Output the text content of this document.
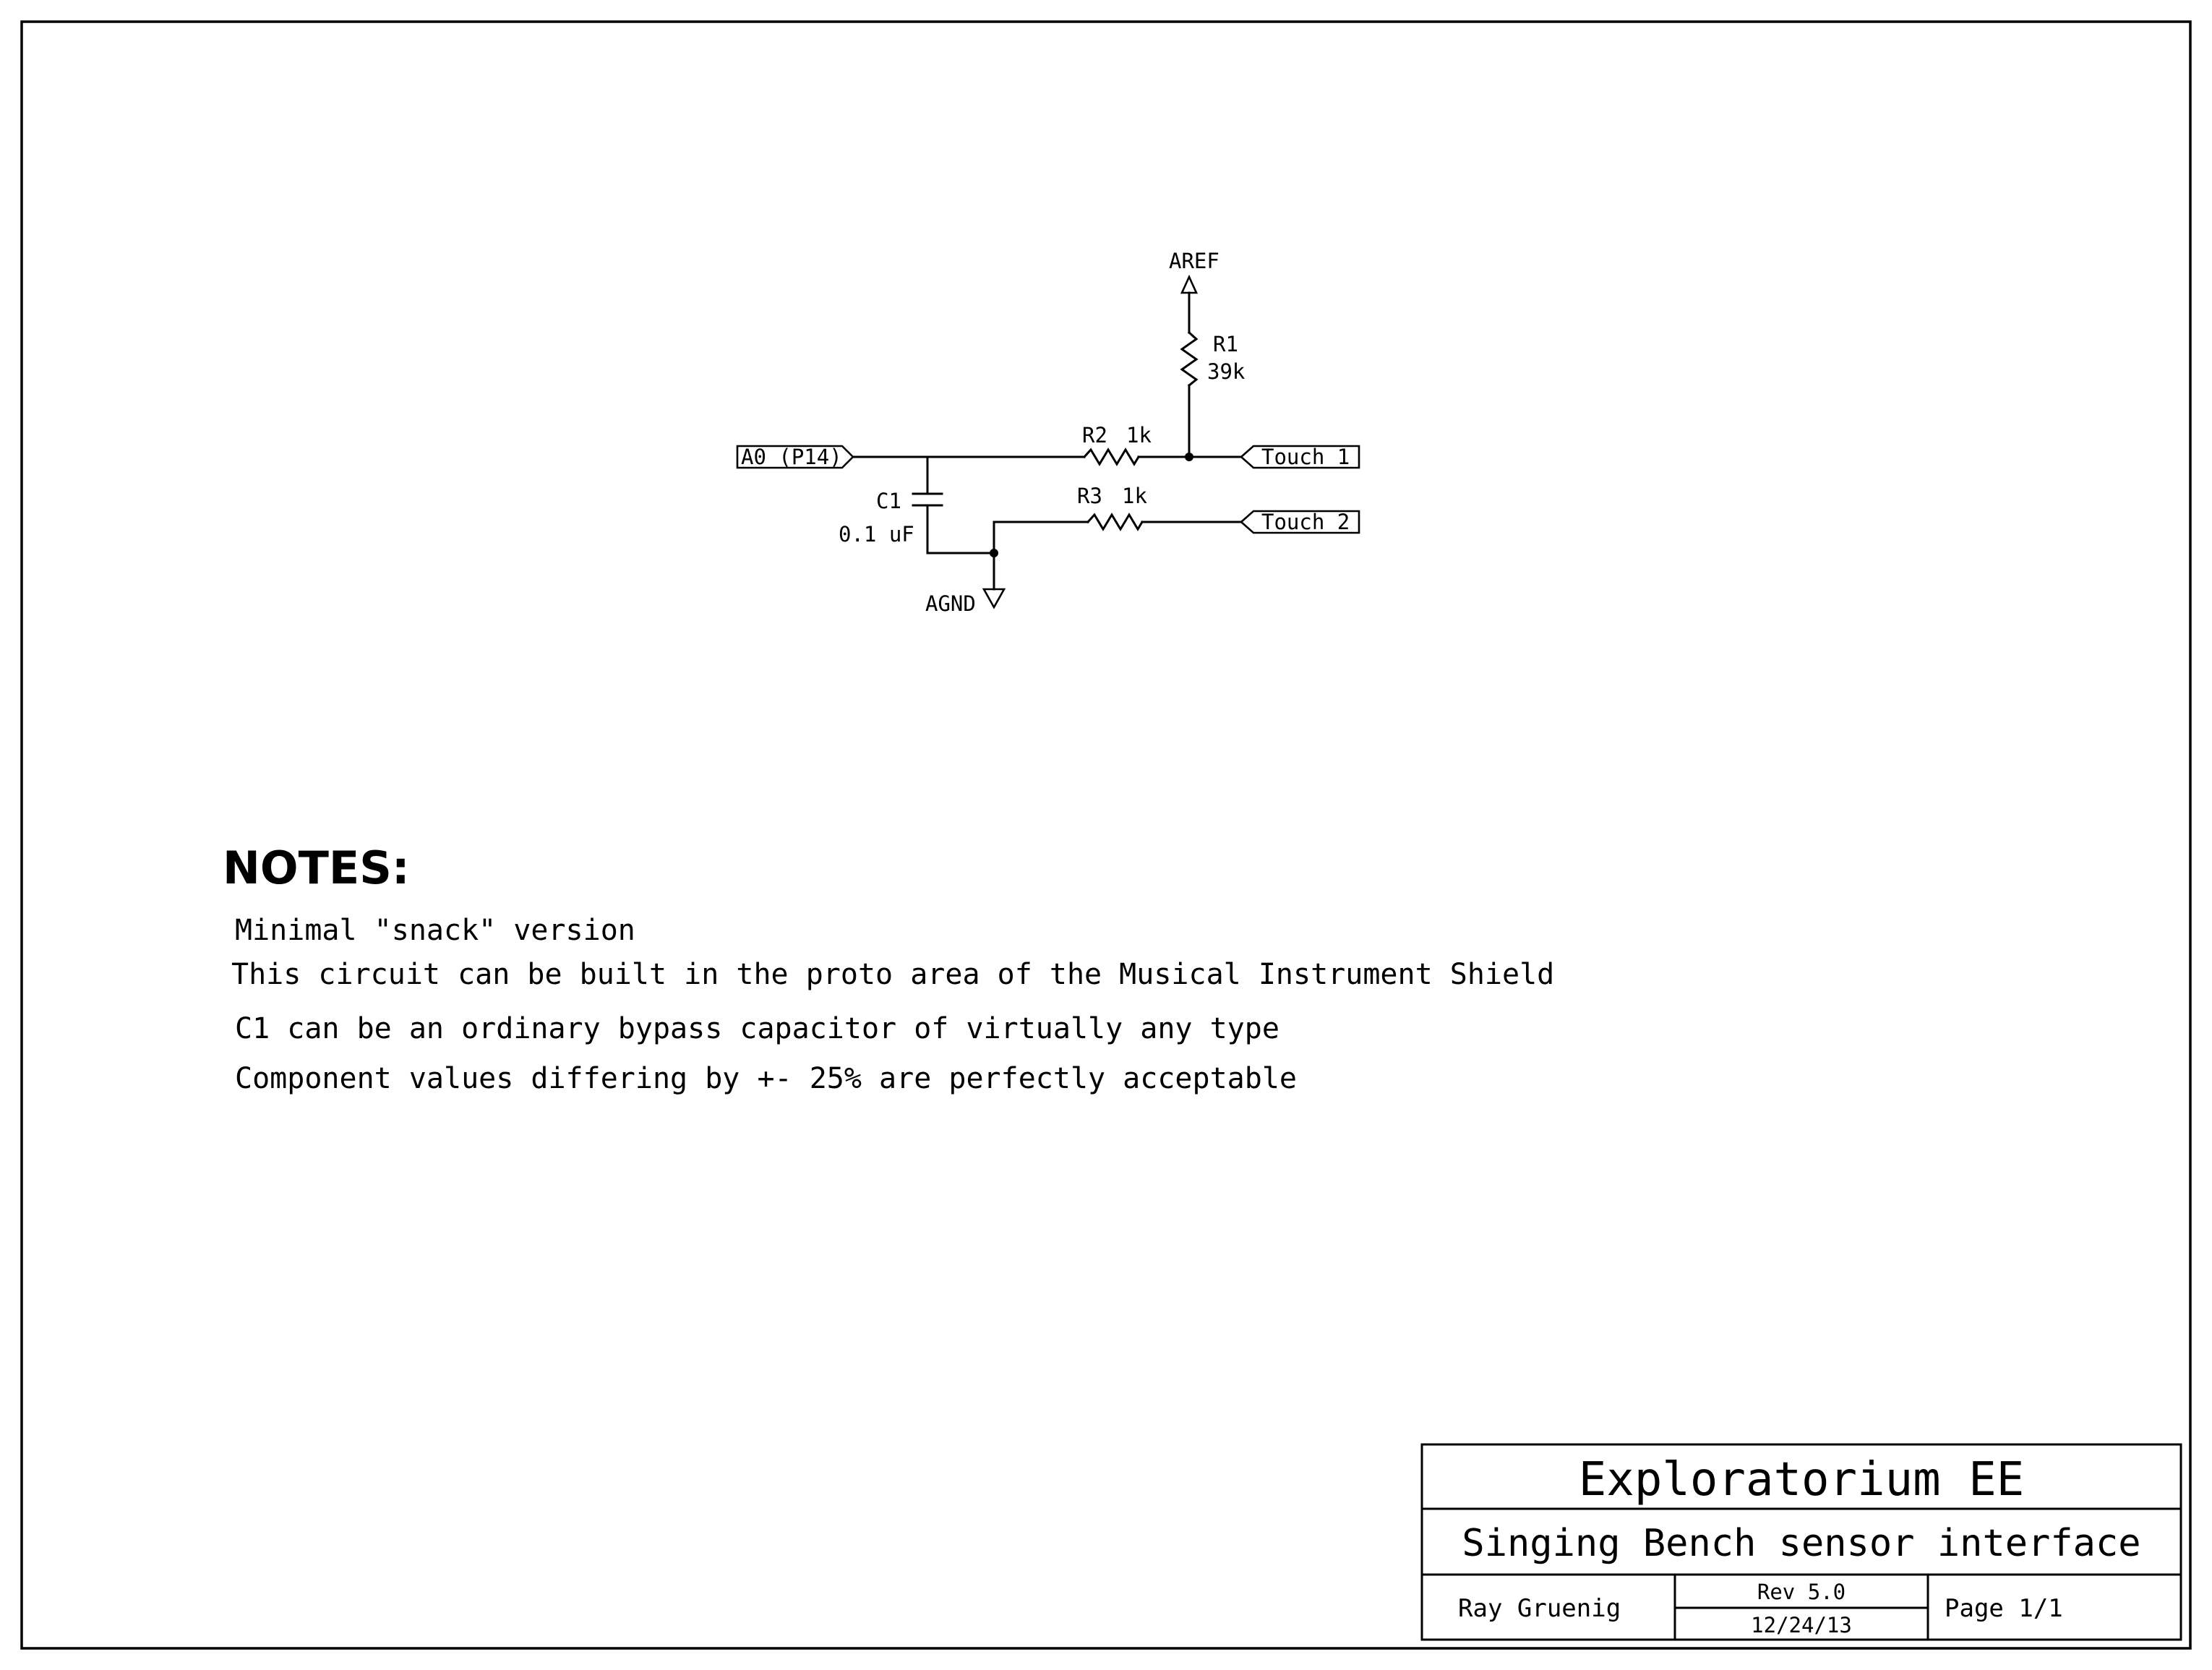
AREF
R1
39k
A0 (P14)
R2 1k
Touch 1
C1
0.1 uF
R3 1k
Touch 2
AGND
NOTES:
Minimal "snack" version
This circuit can be built in the proto area of the Musical Instrument Shield
C1 can be an ordinary bypass capacitor of virtually any type
Component values differing by +- 25% are perfectly acceptable
Exploratorium EE
Singing Bench sensor interface
Ray Gruenig
Rev 5.0
12/24/13
Page 1/1
